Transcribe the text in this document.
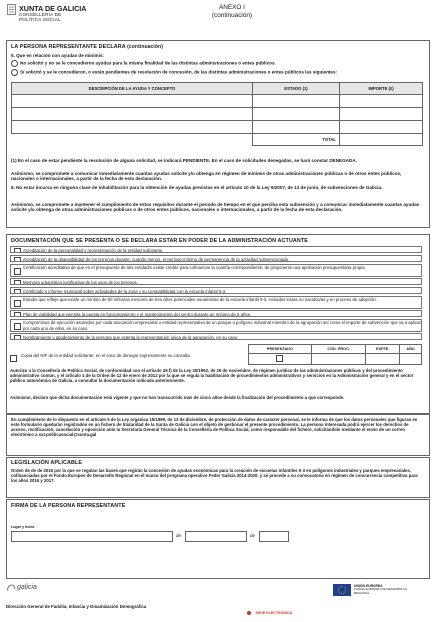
XUNTA DE GALICIA
CONSELLERÍA DE POLÍTICA SOCIAL
ANEXO I
(continuación)
LA PERSONA REPRESENTANTE DECLARA (continuación)
5. Que en relación con ayudas de minimis:
No solicitó y no se le concedieron ayudas para la misma finalidad de las distintas administraciones o entes públicos.
Sí solicitó y se le concedieron, o están pendientes de resolución de concesión, de las distintas administraciones o entes públicos las siguientes:
DESCRIPCIÓN DE LA AYUDA Y CONCEPTO	ESTADO (1)	IMPORTE (€)

	TOTAL	
(1) En el caso de estar pendiente la resolución de alguna solicitud, se indicará PENDIENTE. En el caso de solicitudes denegadas, se hará constar DENEGADA.
Asimismo, se compromete a comunicar inmediatamente cuantas ayudas solicite y/u obtenga en régimen de minimis de otras administraciones públicas o de otros entes públicos, nacionales o internacionales, a partir de la fecha de esta declaración.
6. No estar incursa en ninguna clase de inhabilitación para la obtención de ayudas previstas en el artículo 10 de la Ley 9/2007, de 13 de junio, de subvenciones de Galicia.
Asimismo, se compromete a mantener el cumplimiento de estos requisitos durante el periodo de tiempo en el que perciba esta subvención y a comunicar inmediatamente cuantas ayudas solicite y/u obtenga de otras administraciones públicas o de otros entes públicos, nacionales o internacionales, a partir de la fecha de esta declaración.
DOCUMENTACIÓN QUE SE PRESENTA O SE DECLARA ESTAR EN PODER DE LA ADMINISTRACIÓN ACTUANTE
Acreditación de la personalidad y representación de la entidad solicitante.
Acreditación de la disponibilidad de los terrenos durante, cuando menos, el período mínimo de permanencia de la actividad subvencionada.
Certificación acreditativa de que en el presupuesto de la/s entidad/s existe crédito para cofinanciar la cuantía correspondiente, de proponerse una aportación presupuestaria propia.
Memoria urbanística justificativa de los usos de los terrenos.
Certificado o informe municipal sobre actividades de la zona y su compatibilidad con la escuela infantil 0-3.
Estudio que refleje que existe un mínimo de 50 niños/as menores de tres años potenciales usuarios/as de la escuela infantil 0-3, incluidos los/as no nacidos/as y en proceso de adopción.
Plan de viabilidad que permita la puesta en funcionamiento y el mantenimiento del centro durante un mínimo de 5 años.
Compromisos de ejecución asumidos por cada asociación empresarial o entidad representativa de un parque o polígono industrial miembro de la agrupación así como el importe de subvención que va a aplicar por cada uno de ellos, en su caso.
Nombramiento y apoderamiento de la persona que ostenta la representación única de la agrupación, en su caso.
PRESENTADO	CÓD. PROC.	EXPTE.	AÑO

Copia del NIF de la entidad solicitante, en el caso de denegar expresamente su consulta.
Autorizo a la Consellería de Política Social, de conformidad con el artículo 35.f) de la Ley 30/1992, de 26 de noviembre, de régimen jurídico de las administraciones públicas y del procedimiento administrativo común, y el artículo 4 de la Orden de 12 de enero de 2012 por la que se regula la habilitación de procedimientos administrativos y servicios en la Administración general y en el sector público autonómico de Galicia, a consultar la documentación indicada anteriormente.
Asimismo, declaro que dicha documentación está vigente y que no han transcurrido más de cinco años desde la finalización del procedimiento a que corresponde.
En cumplimiento de lo dispuesto en el artículo 5 de la Ley orgánica 15/1999, de 13 de diciembre, de protección de datos de carácter personal, se le informa de que los datos personales que figuran en este formulario quedarán registrados en un fichero de titularidad de la Xunta de Galicia con el objeto de gestionar el presente procedimiento. La persona interesada podrá ejercer los derechos de acceso, rectificación, cancelación y oposición ante la Secretaría General Técnica de la Consellería de Política Social, como responsable del fichero, solicitándolo mediante el envío de un correo electrónico a sxt.politicasocial@xunta.gal
LEGISLACIÓN APLICABLE
Orden de de de 2016 por la que se regulan las bases que regirán la concesión de ayudas económicas para la creación de escuelas infantiles 0-3 en polígonos industriales y parques empresariales, cofinanciadas por el Fondo Europeo de Desarrollo Regional en el marco del programa operativo Feder Galicia 2014-2020, y se procede a su convocatoria en régimen de concurrencia competitiva para los años 2016 y 2017.
FIRMA DE LA PERSONA REPRESENTANTE
Lugar y fecha
de	de
galicia
Dirección General de Familia, Infancia y Dinamización Demográfica
UNIÓN EUROPEA
FONDO EUROPEO DE DESARROLLO REGIONAL
SEDE ELECTRÓNICA
